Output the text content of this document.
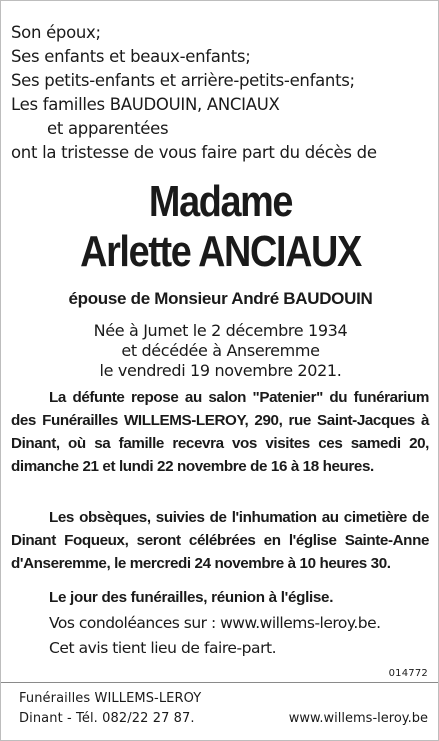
Son époux;
Ses enfants et beaux-enfants;
Ses petits-enfants et arrière-petits-enfants;
Les familles BAUDOUIN, ANCIAUX
et apparentées
ont la tristesse de vous faire part du décès de
Madame
Arlette ANCIAUX
épouse de Monsieur André BAUDOUIN
Née à Jumet le 2 décembre 1934
et décédée à Anseremme
le vendredi 19 novembre 2021.
La défunte repose au salon "Patenier" du funérarium des Funérailles WILLEMS-LEROY, 290, rue Saint-Jacques à Dinant, où sa famille recevra vos visites ces samedi 20, dimanche 21 et lundi 22 novembre de 16 à 18 heures.
Les obsèques, suivies de l'inhumation au cimetière de Dinant Foqueux, seront célébrées en l'église Sainte-Anne d'Anseremme, le mercredi 24 novembre à 10 heures 30.
Le jour des funérailles, réunion à l'église.
Vos condoléances sur : www.willems-leroy.be.
Cet avis tient lieu de faire-part.
014772
Funérailles WILLEMS-LEROY
Dinant - Tél. 082/22 27 87.	www.willems-leroy.be
